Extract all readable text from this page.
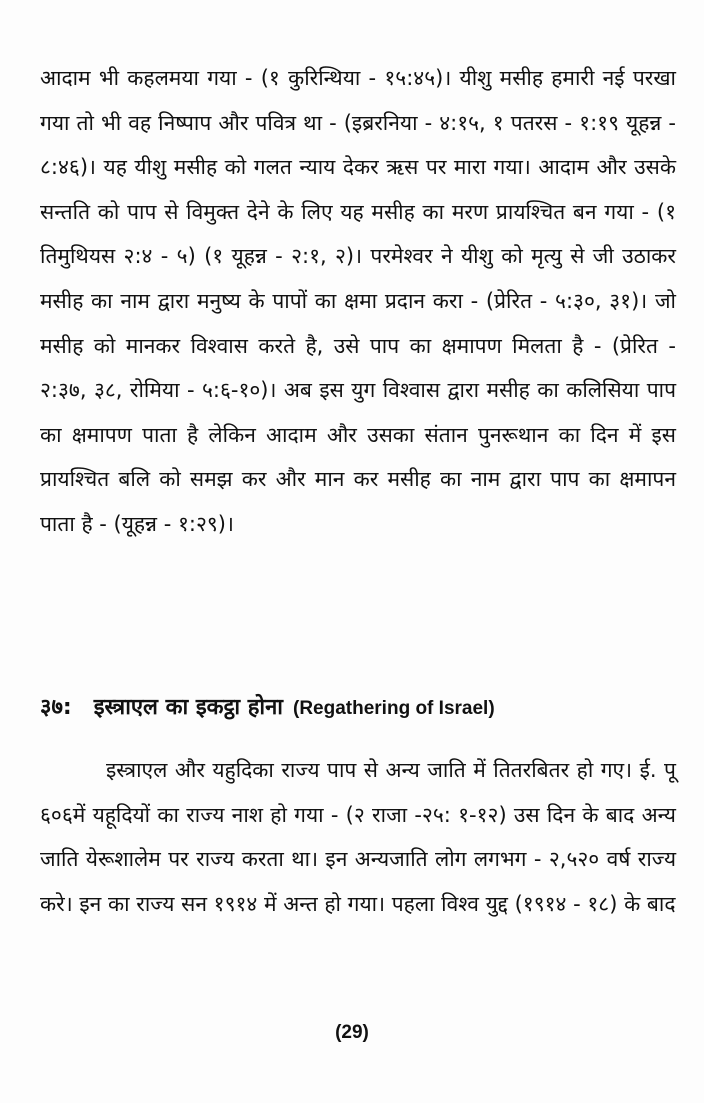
आदाम भी कहलमया गया - (१ कुरिन्थिया - १५:४५)। यीशु मसीह हमारी नई परखा गया तो भी वह निष्पाप और पवित्र था - (इब्ररनिया - ४:१५, १ पतरस - १:१९ यूहन्न - ८:४६)। यह यीशु मसीह को गलत न्याय देकर ऋस पर मारा गया। आदाम और उसके सन्तति को पाप से विमुक्त देने के लिए यह मसीह का मरण प्रायश्चित बन गया - (१ तिमुथियस २:४ - ५) (१ यूहन्न - २:१, २)। परमेश्वर ने यीशु को मृत्यु से जी उठाकर मसीह का नाम द्वारा मनुष्य के पापों का क्षमा प्रदान करा - (प्रेरित - ५:३०, ३१)। जो मसीह को मानकर विश्वास करते है, उसे पाप का क्षमापण मिलता है - (प्रेरित - २:३७, ३८, रोमिया - ५:६-१०)। अब इस युग विश्वास द्वारा मसीह का कलिसिया पाप का क्षमापण पाता है लेकिन आदाम और उसका संतान पुनरूथान का दिन में इस प्रायश्चित बलि को समझ कर और मान कर मसीह का नाम द्वारा पाप का क्षमापन पाता है - (यूहन्न - १:२९)।

३७: इस्त्राएल का इकट्ठा होना (Regathering of Israel)

इस्त्राएल और यहुदिका राज्य पाप से अन्य जाति में तितरबितर हो गए। ई. पू ६०६में यहूदियों का राज्य नाश हो गया - (२ राजा -२५: १-१२) उस दिन के बाद अन्य जाति येरूशालेम पर राज्य करता था। इन अन्यजाति लोग लगभग - २,५२० वर्ष राज्य करे। इन का राज्य सन १९१४ में अन्त हो गया। पहला विश्व युद्द (१९१४ - १८) के बाद

(29)
